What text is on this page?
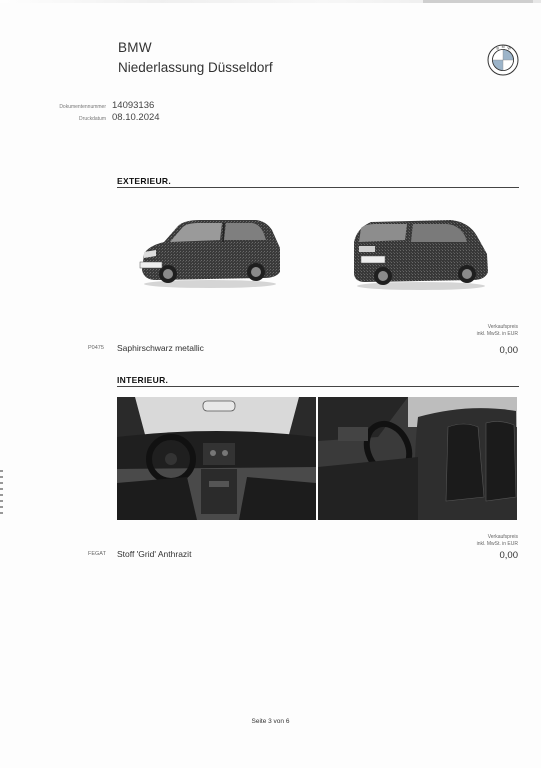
BMW
Niederlassung Düsseldorf
B M W
Dokumentennummer 14093136
Druckdatum 08.10.2024
EXTERIEUR.
Verkaufspreis
inkl. MwSt. in EUR
P0475 Saphirschwarz metallic	0,00
INTERIEUR.
Verkaufspreis
inkl. MwSt. in EUR
FEGAT Stoff 'Grid' Anthrazit	0,00
Seite 3 von 6
